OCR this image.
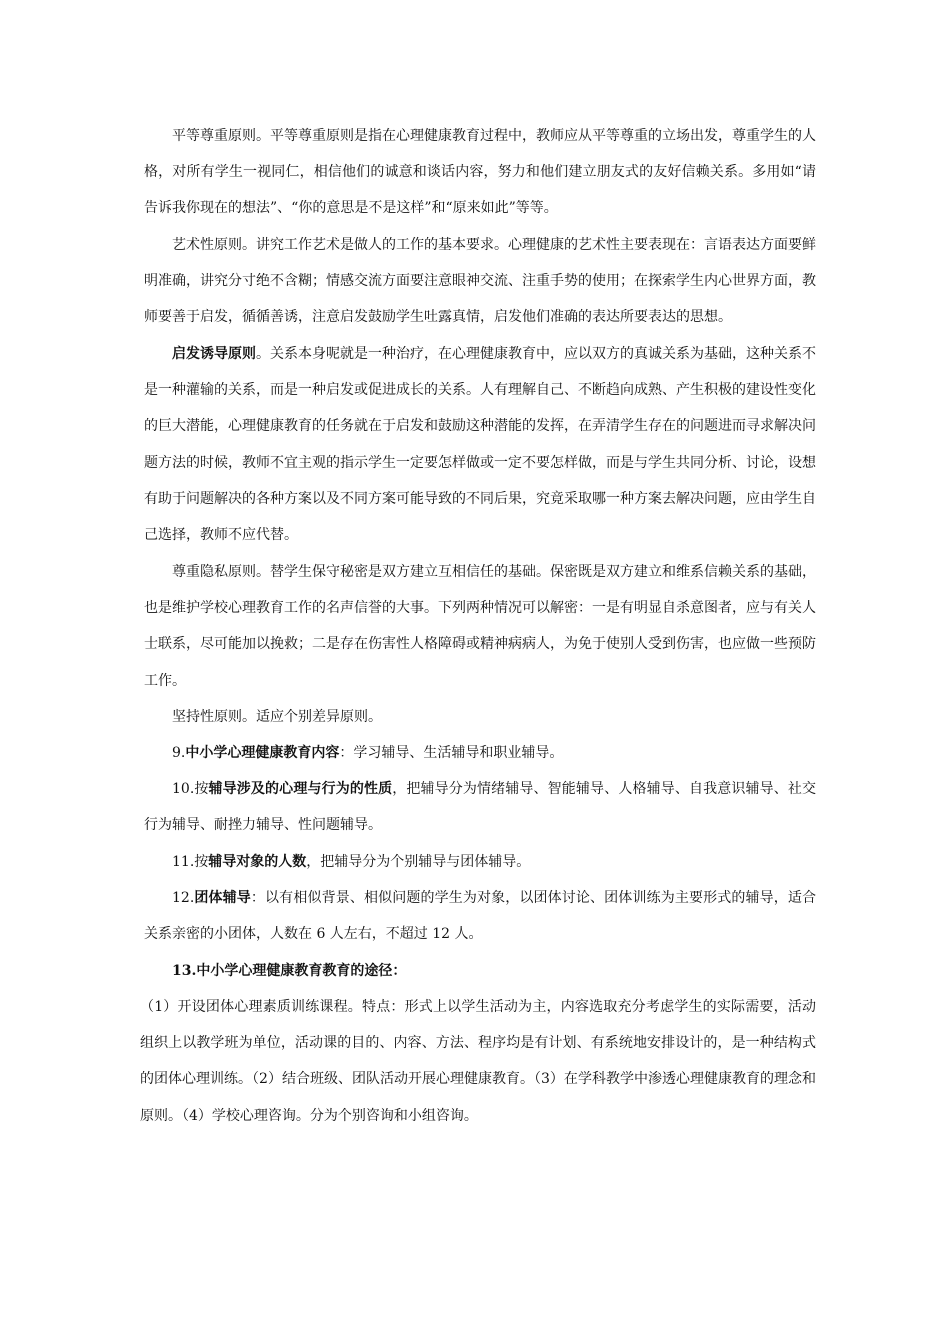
平等尊重原则。平等尊重原则是指在心理健康教育过程中，教师应从平等尊重的立场出发，尊重学生的人格，对所有学生一视同仁，相信他们的诚意和谈话内容，努力和他们建立朋友式的友好信赖关系。多用如“请告诉我你现在的想法”、“你的意思是不是这样”和“原来如此”等等。
艺术性原则。讲究工作艺术是做人的工作的基本要求。心理健康的艺术性主要表现在：言语表达方面要鲜明准确，讲究分寸绝不含糊；情感交流方面要注意眼神交流、注重手势的使用；在探索学生内心世界方面，教师要善于启发，循循善诱，注意启发鼓励学生吐露真情，启发他们准确的表达所要表达的思想。
启发诱导原则。关系本身呢就是一种治疗，在心理健康教育中，应以双方的真诚关系为基础，这种关系不是一种灌输的关系，而是一种启发或促进成长的关系。人有理解自己、不断趋向成熟、产生积极的建设性变化的巨大潜能，心理健康教育的任务就在于启发和鼓励这种潜能的发挥，在弄清学生存在的问题进而寻求解决问题方法的时候，教师不宜主观的指示学生一定要怎样做或一定不要怎样做，而是与学生共同分析、讨论，设想有助于问题解决的各种方案以及不同方案可能导致的不同后果，究竟采取哪一种方案去解决问题，应由学生自己选择，教师不应代替。
尊重隐私原则。替学生保守秘密是双方建立互相信任的基础。保密既是双方建立和维系信赖关系的基础，也是维护学校心理教育工作的名声信誉的大事。下列两种情况可以解密：一是有明显自杀意图者，应与有关人士联系，尽可能加以挽救；二是存在伤害性人格障碍或精神病病人，为免于使别人受到伤害，也应做一些预防工作。
坚持性原则。适应个别差异原则。
9.中小学心理健康教育内容：学习辅导、生活辅导和职业辅导。
10.按辅导涉及的心理与行为的性质，把辅导分为情绪辅导、智能辅导、人格辅导、自我意识辅导、社交行为辅导、耐挫力辅导、性问题辅导。
11.按辅导对象的人数，把辅导分为个别辅导与团体辅导。
12.团体辅导：以有相似背景、相似问题的学生为对象，以团体讨论、团体训练为主要形式的辅导，适合关系亲密的小团体，人数在 6 人左右，不超过 12 人。
13.中小学心理健康教育教育的途径：
（1）开设团体心理素质训练课程。特点：形式上以学生活动为主，内容选取充分考虑学生的实际需要，活动组织上以教学班为单位，活动课的目的、内容、方法、程序均是有计划、有系统地安排设计的，是一种结构式的团体心理训练。（2）结合班级、团队活动开展心理健康教育。（3）在学科教学中渗透心理健康教育的理念和原则。（4）学校心理咨询。分为个别咨询和小组咨询。
